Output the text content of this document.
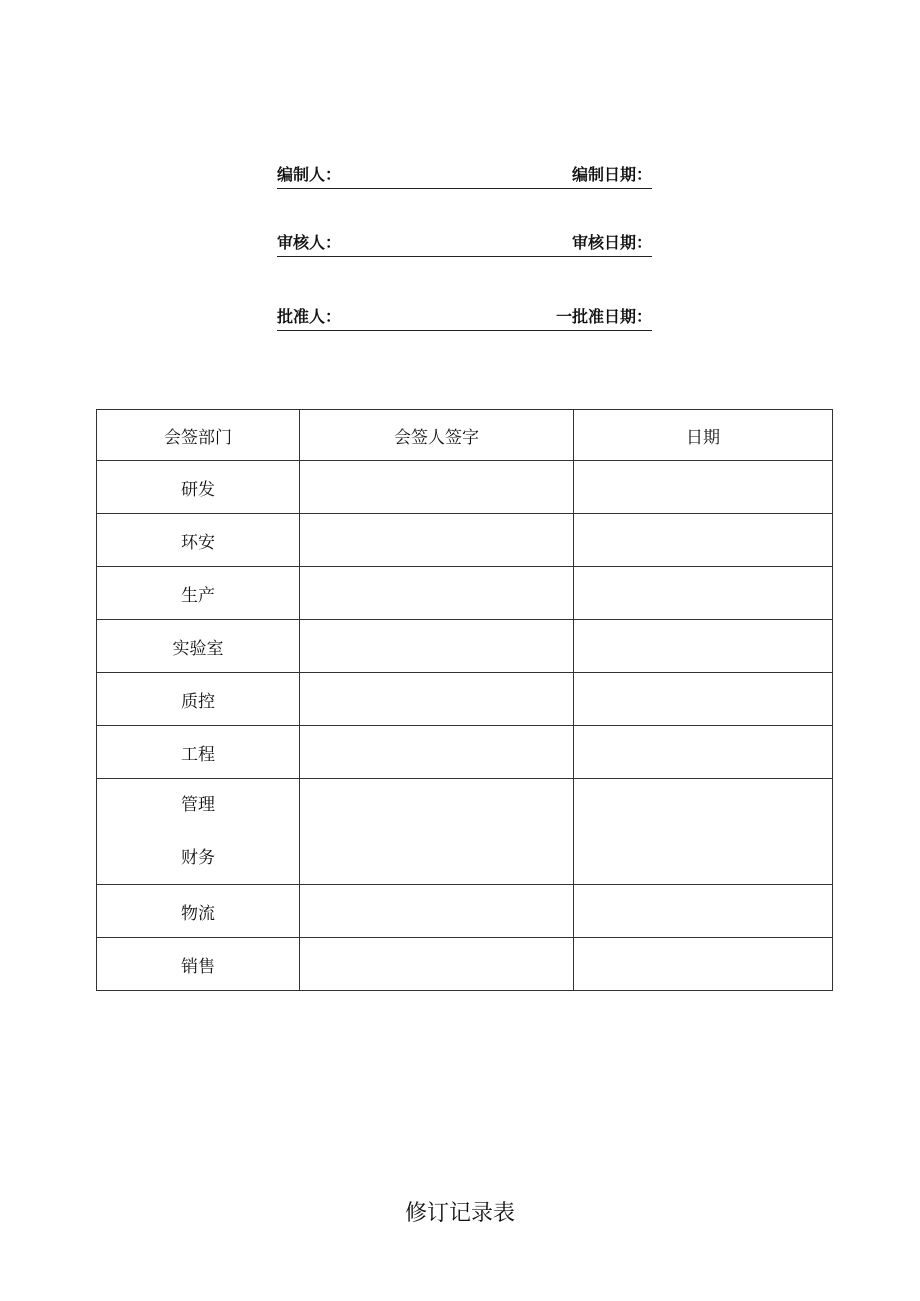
编制人：	编制日期：
审核人：	审核日期：
批准人：	一批准日期：
会签部门	会签人签字	日期
研发		
环安		
生产		
实验室		
质控		
工程		

管理
财务		

物流		
销售		
修订记录表
